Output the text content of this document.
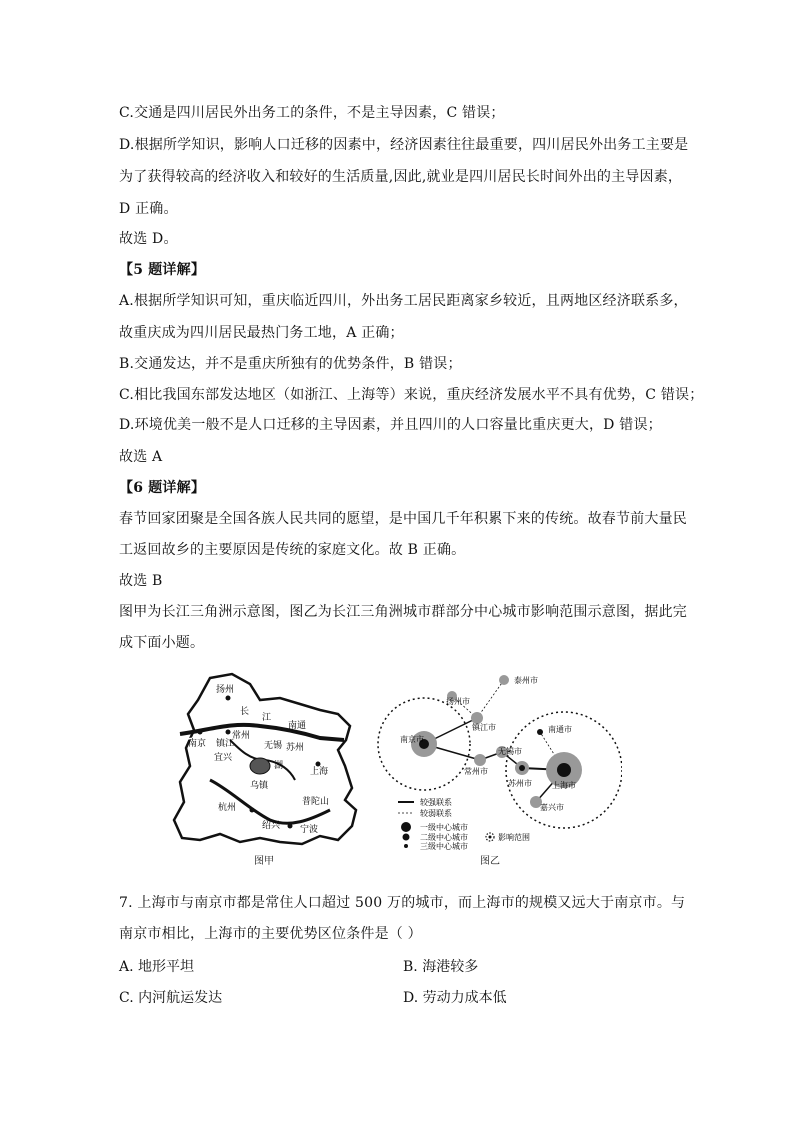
C.交通是四川居民外出务工的条件，不是主导因素，C 错误；
D.根据所学知识，影响人口迁移的因素中，经济因素往往最重要，四川居民外出务工主要是
为了获得较高的经济收入和较好的生活质量,因此,就业是四川居民长时间外出的主导因素，
D 正确。
故选 D。
【5 题详解】
A.根据所学知识可知，重庆临近四川，外出务工居民距离家乡较近，且两地区经济联系多，
故重庆成为四川居民最热门务工地，A 正确；
B.交通发达，并不是重庆所独有的优势条件，B 错误；
C.相比我国东部发达地区（如浙江、上海等）来说，重庆经济发展水平不具有优势，C 错误；
D.环境优美一般不是人口迁移的主导因素，并且四川的人口容量比重庆更大，D 错误；
故选 A
【6 题详解】
春节回家团聚是全国各族人民共同的愿望，是中国几千年积累下来的传统。故春节前大量民
工返回故乡的主要原因是传统的家庭文化。故 B 正确。
故选 B
图甲为长江三角洲示意图，图乙为长江三角洲城市群部分中心城市影响范围示意图，据此完
成下面小题。
扬州
长
江
南通
南京 镇江
常州
无锡 苏州
宜兴
湖
上海
乌镇
杭州
普陀山
绍兴 宁波
图甲
泰州市
扬州市
镇江市
南京市
常州市
无锡市
南通市
苏州市	上海市
嘉兴市
较强联系
较弱联系
一级中心城市
二级中心城市
三级中心城市
影响范围
图乙
7. 上海市与南京市都是常住人口超过 500 万的城市，而上海市的规模又远大于南京市。与
南京市相比，上海市的主要优势区位条件是（ ）
A. 地形平坦	B. 海港较多
C. 内河航运发达	D. 劳动力成本低
